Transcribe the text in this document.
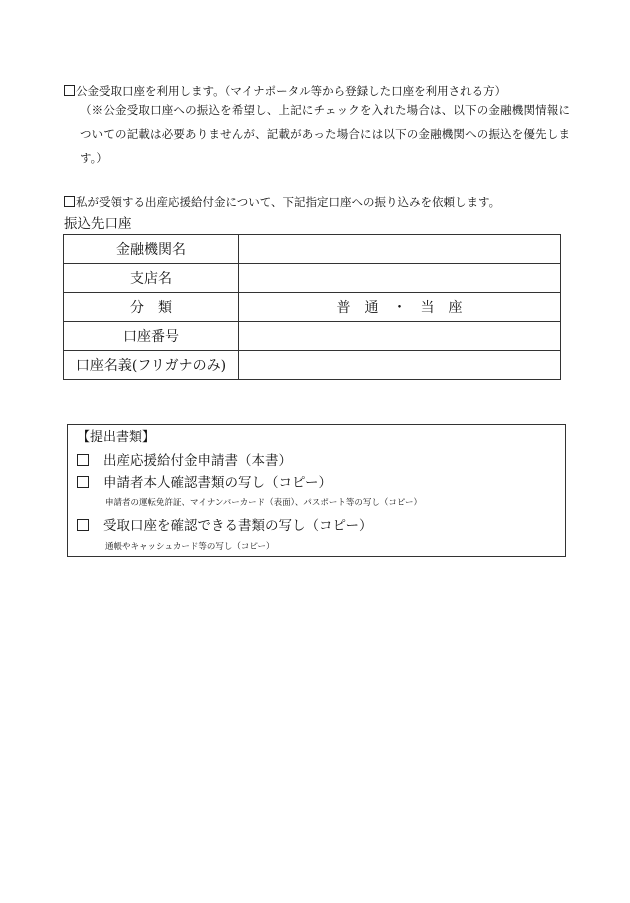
公金受取口座を利用します。（マイナポータル等から登録した口座を利用される方）
（※公金受取口座への振込を希望し、上記にチェックを入れた場合は、以下の金融機関情報についての記載は必要ありませんが、記載があった場合には以下の金融機関への振込を優先します。）
私が受領する出産応援給付金について、下記指定口座への振り込みを依頼します。
振込先口座
金融機関名	
支店名	
分　類	普　通　・　当　座
口座番号	
口座名義(フリガナのみ)	
【提出書類】
出産応援給付金申請書（本書）
申請者本人確認書類の写し（コピー）
申請者の運転免許証、マイナンバーカード（表面）、パスポート等の写し（コピー）
受取口座を確認できる書類の写し（コピー）
通帳やキャッシュカード等の写し（コピー）
